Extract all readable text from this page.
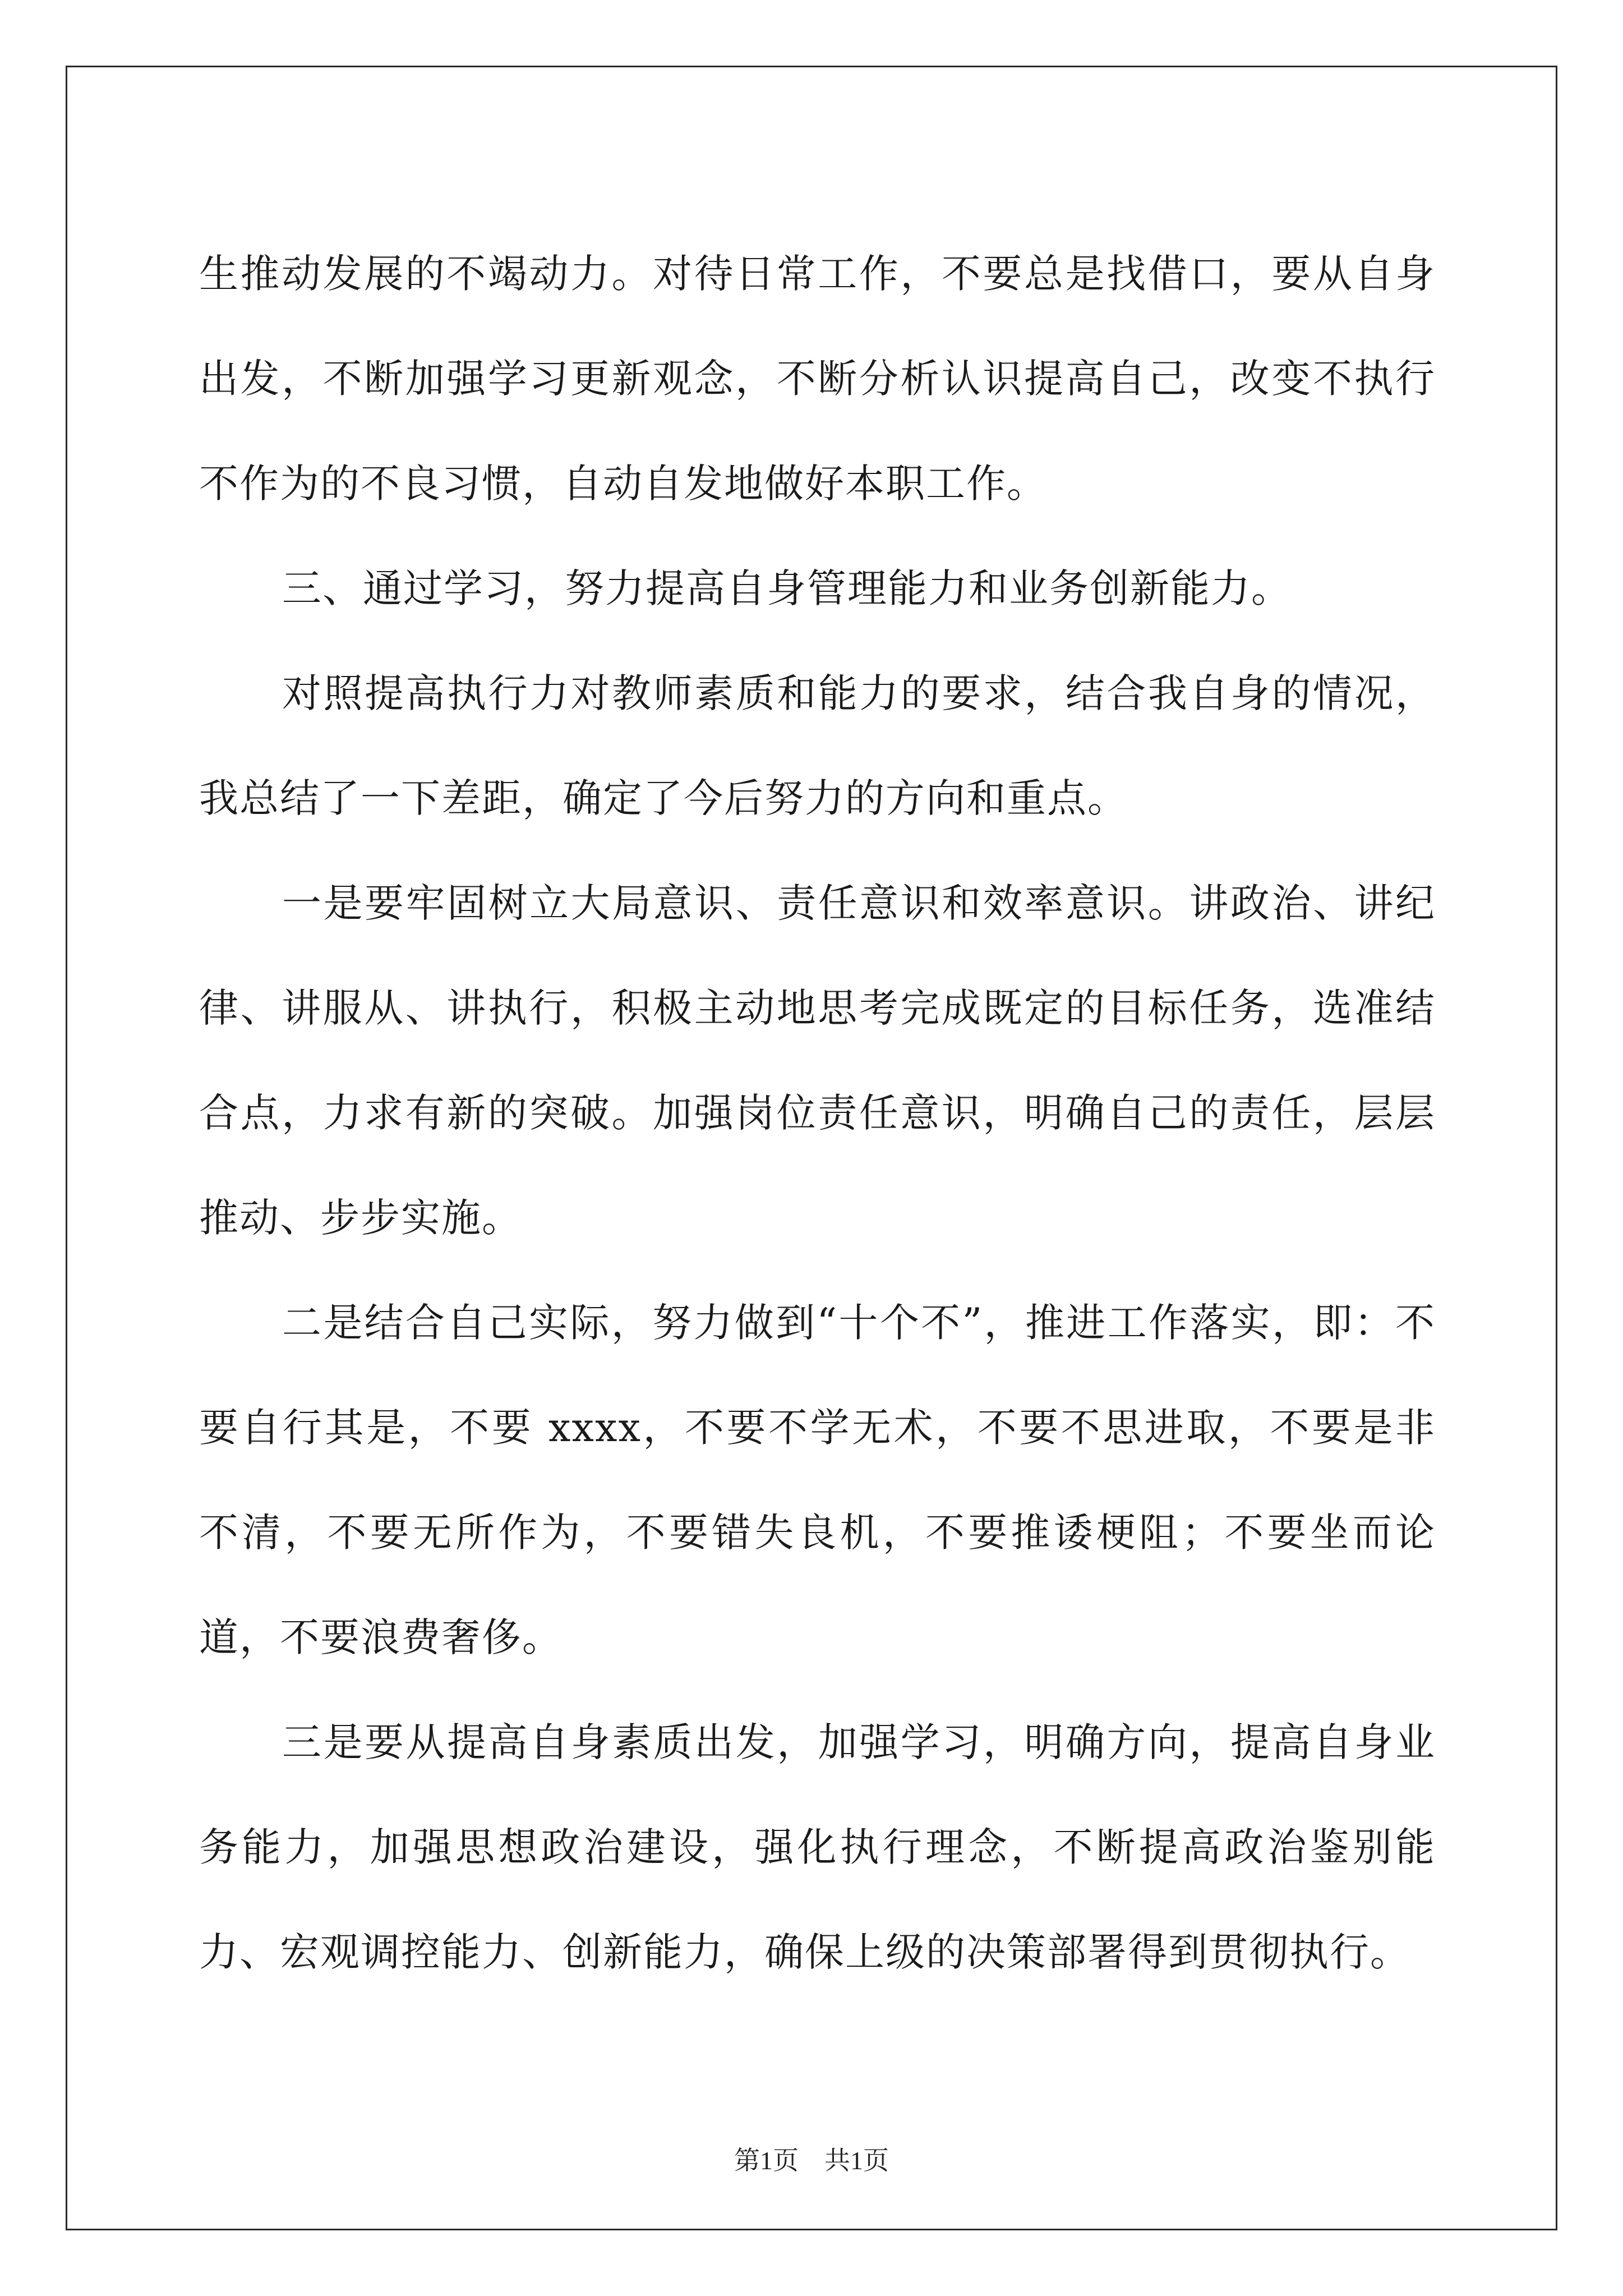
生推动发展的不竭动力。对待日常工作，不要总是找借口，要从自身出发，不断加强学习更新观念，不断分析认识提高自己，改变不执行不作为的不良习惯，自动自发地做好本职工作。

三、通过学习，努力提高自身管理能力和业务创新能力。

对照提高执行力对教师素质和能力的要求，结合我自身的情况，我总结了一下差距，确定了今后努力的方向和重点。

一是要牢固树立大局意识、责任意识和效率意识。讲政治、讲纪律、讲服从、讲执行，积极主动地思考完成既定的目标任务，选准结合点，力求有新的突破。加强岗位责任意识，明确自己的责任，层层推动、步步实施。

二是结合自己实际，努力做到“十个不”，推进工作落实，即：不要自行其是，不要 xxxx，不要不学无术，不要不思进取，不要是非不清，不要无所作为，不要错失良机，不要推诿梗阻；不要坐而论道，不要浪费奢侈。

三是要从提高自身素质出发，加强学习，明确方向，提高自身业务能力，加强思想政治建设，强化执行理念，不断提高政治鉴别能力、宏观调控能力、创新能力，确保上级的决策部署得到贯彻执行。

第1页 共1页
